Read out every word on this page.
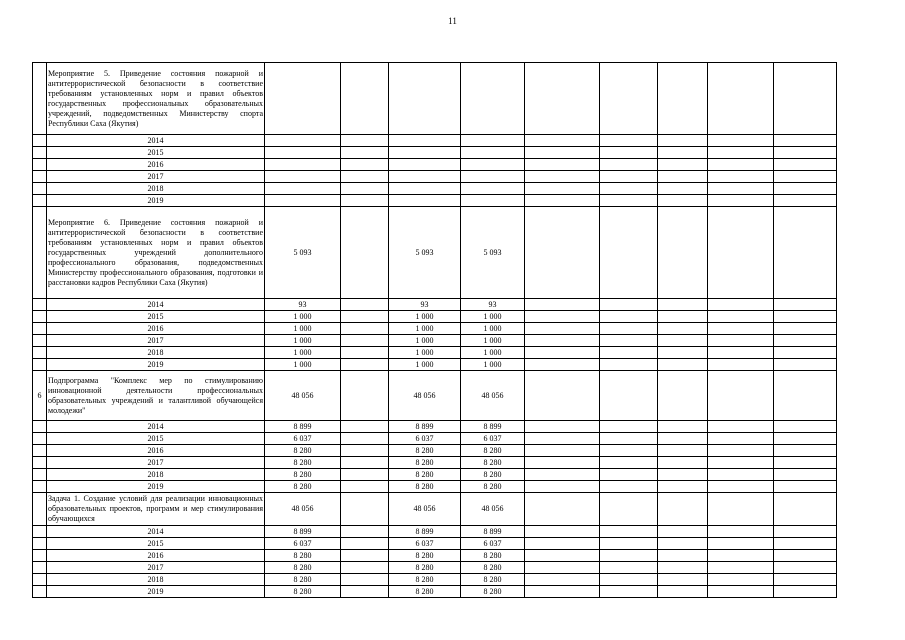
11
	Мероприятие 5. Приведение состояния пожарной и антитеррористической безопасности в соответствие требованиям установленных норм и правил объектов государственных профессиональных образовательных учреждений, подведомственных Министерству спорта Республики Саха (Якутия)										
	2014										
	2015										
	2016										
	2017										
	2018										
	2019										
	Мероприятие 6. Приведение состояния пожарной и антитеррористической безопасности в соответствие требованиям установленных норм и правил объектов государственных учреждений дополнительного профессионального образования, подведомственных Министерству профессионального образования, подготовки и расстановки кадров Республики Саха (Якутия)	5 093		5 093	5 093						
	2014	93		93	93						
	2015	1 000		1 000	1 000						
	2016	1 000		1 000	1 000						
	2017	1 000		1 000	1 000						
	2018	1 000		1 000	1 000						
	2019	1 000		1 000	1 000						
6	Подпрограмма "Комплекс мер по стимулированию инновационной деятельности профессиональных образовательных учреждений и талантливой обучающейся молодежи"	48 056		48 056	48 056						
	2014	8 899		8 899	8 899						
	2015	6 037		6 037	6 037						
	2016	8 280		8 280	8 280						
	2017	8 280		8 280	8 280						
	2018	8 280		8 280	8 280						
	2019	8 280		8 280	8 280						
	Задача 1. Создание условий для реализации инновационных образовательных проектов, программ и мер стимулирования обучающихся	48 056		48 056	48 056						
	2014	8 899		8 899	8 899						
	2015	6 037		6 037	6 037						
	2016	8 280		8 280	8 280						
	2017	8 280		8 280	8 280						
	2018	8 280		8 280	8 280						
	2019	8 280		8 280	8 280						
